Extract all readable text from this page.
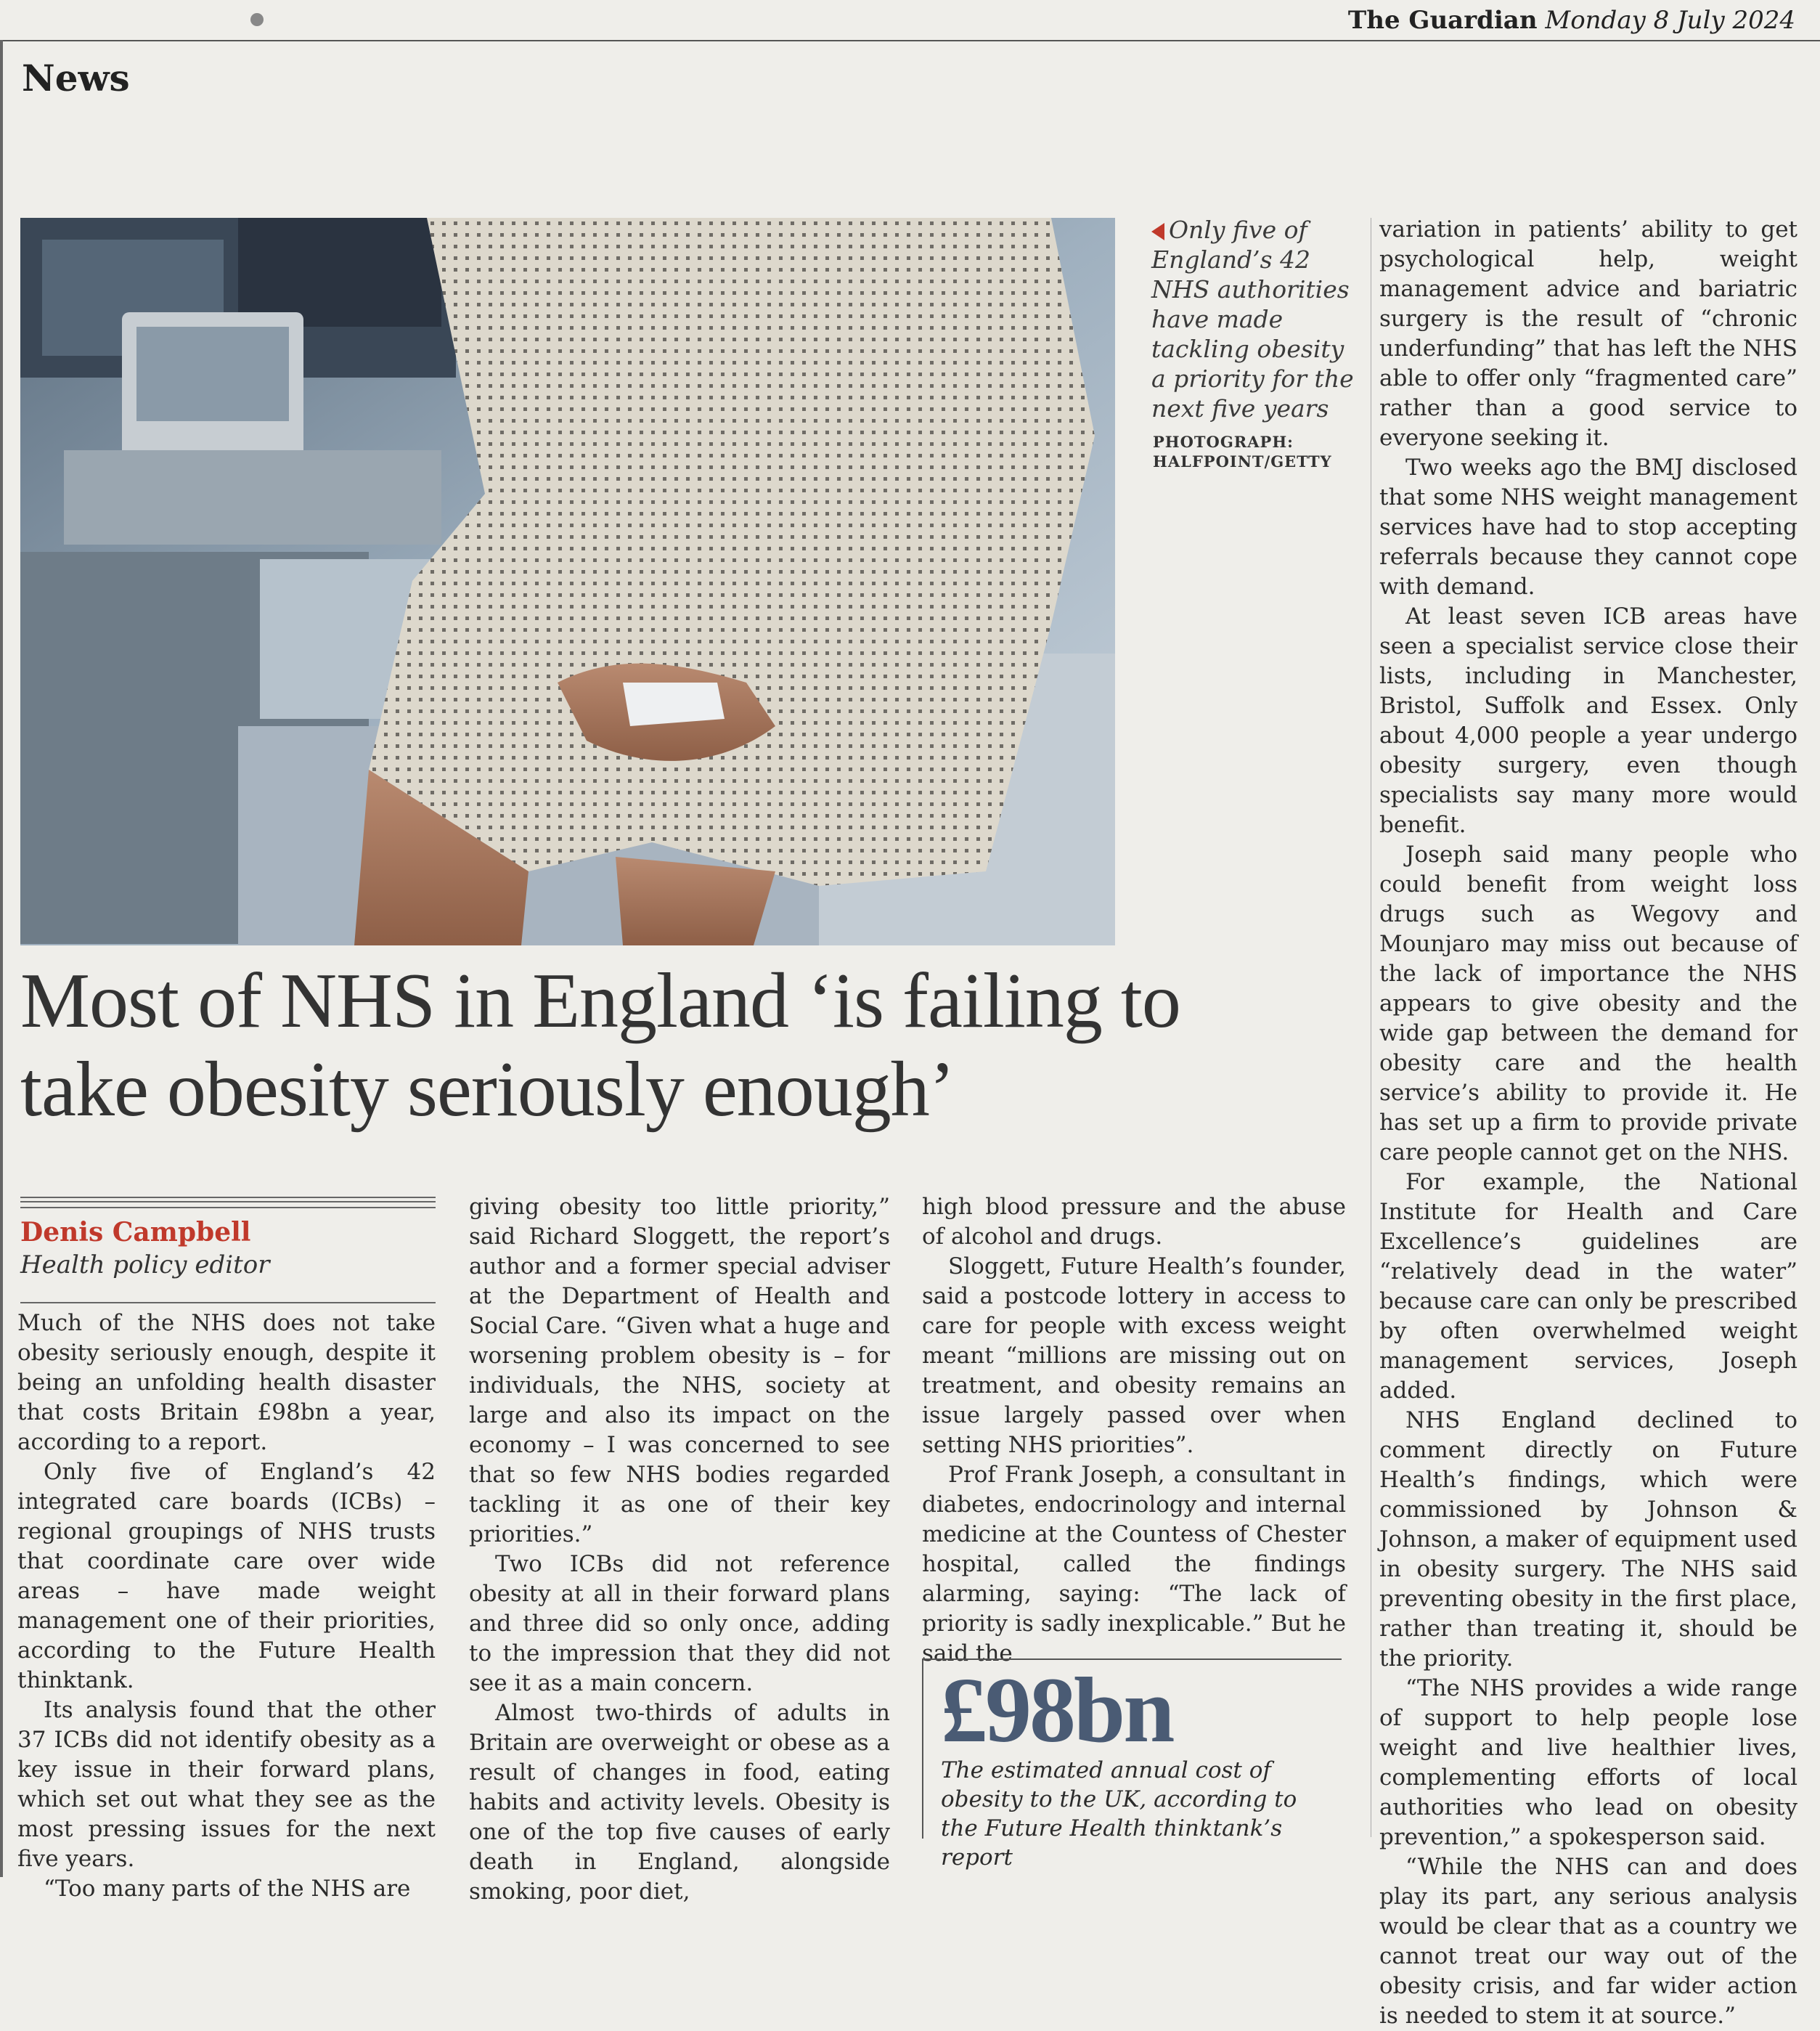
The Guardian Monday 8 July 2024
News
Only five of England’s 42 NHS authorities have made tackling obesity a priority for the next five years
PHOTOGRAPH: HALFPOINT/GETTY
Most of NHS in England ‘is failing to take obesity seriously enough’
Denis Campbell
Health policy editor

Much of the NHS does not take obesity seriously enough, despite it being an unfolding health disaster that costs Britain £98bn a year, according to a report.

Only five of England’s 42 integrated care boards (ICBs) – regional groupings of NHS trusts that coordinate care over wide areas – have made weight management one of their priorities, according to the Future Health thinktank.

Its analysis found that the other 37 ICBs did not identify obesity as a key issue in their forward plans, which set out what they see as the most pressing issues for the next five years.

“Too many parts of the NHS are

giving obesity too little priority,” said Richard Sloggett, the report’s author and a former special adviser at the Department of Health and Social Care. “Given what a huge and worsening problem obesity is – for individuals, the NHS, society at large and also its impact on the economy – I was concerned to see that so few NHS bodies regarded tackling it as one of their key priorities.”

Two ICBs did not reference obesity at all in their forward plans and three did so only once, adding to the impression that they did not see it as a main concern.

Almost two-thirds of adults in Britain are overweight or obese as a result of changes in food, eating habits and activity levels. Obesity is one of the top five causes of early death in England, alongside smoking, poor diet,

high blood pressure and the abuse of alcohol and drugs.

Sloggett, Future Health’s founder, said a postcode lottery in access to care for people with excess weight meant “millions are missing out on treatment, and obesity remains an issue largely passed over when setting NHS priorities”.

Prof Frank Joseph, a consultant in diabetes, endocrinology and internal medicine at the Countess of Chester hospital, called the findings alarming, saying: “The lack of priority is sadly inexplicable.” But he said the

£98bn
The estimated annual cost of obesity to the UK, according to the Future Health thinktank’s report

variation in patients’ ability to get psychological help, weight management advice and bariatric surgery is the result of “chronic underfunding” that has left the NHS able to offer only “fragmented care” rather than a good service to everyone seeking it.

Two weeks ago the BMJ disclosed that some NHS weight management services have had to stop accepting referrals because they cannot cope with demand.

At least seven ICB areas have seen a specialist service close their lists, including in Manchester, Bristol, Suffolk and Essex. Only about 4,000 people a year undergo obesity surgery, even though specialists say many more would benefit.

Joseph said many people who could benefit from weight loss drugs such as Wegovy and Mounjaro may miss out because of the lack of importance the NHS appears to give obesity and the wide gap between the demand for obesity care and the health service’s ability to provide it. He has set up a firm to provide private care people cannot get on the NHS.

For example, the National Institute for Health and Care Excellence’s guidelines are “relatively dead in the water” because care can only be prescribed by often overwhelmed weight management services, Joseph added.

NHS England declined to comment directly on Future Health’s findings, which were commissioned by Johnson & Johnson, a maker of equipment used in obesity surgery. The NHS said preventing obesity in the first place, rather than treating it, should be the priority.

“The NHS provides a wide range of support to help people lose weight and live healthier lives, complementing efforts of local authorities who lead on obesity prevention,” a spokesperson said.

“While the NHS can and does play its part, any serious analysis would be clear that as a country we cannot treat our way out of the obesity crisis, and far wider action is needed to stem it at source.”
